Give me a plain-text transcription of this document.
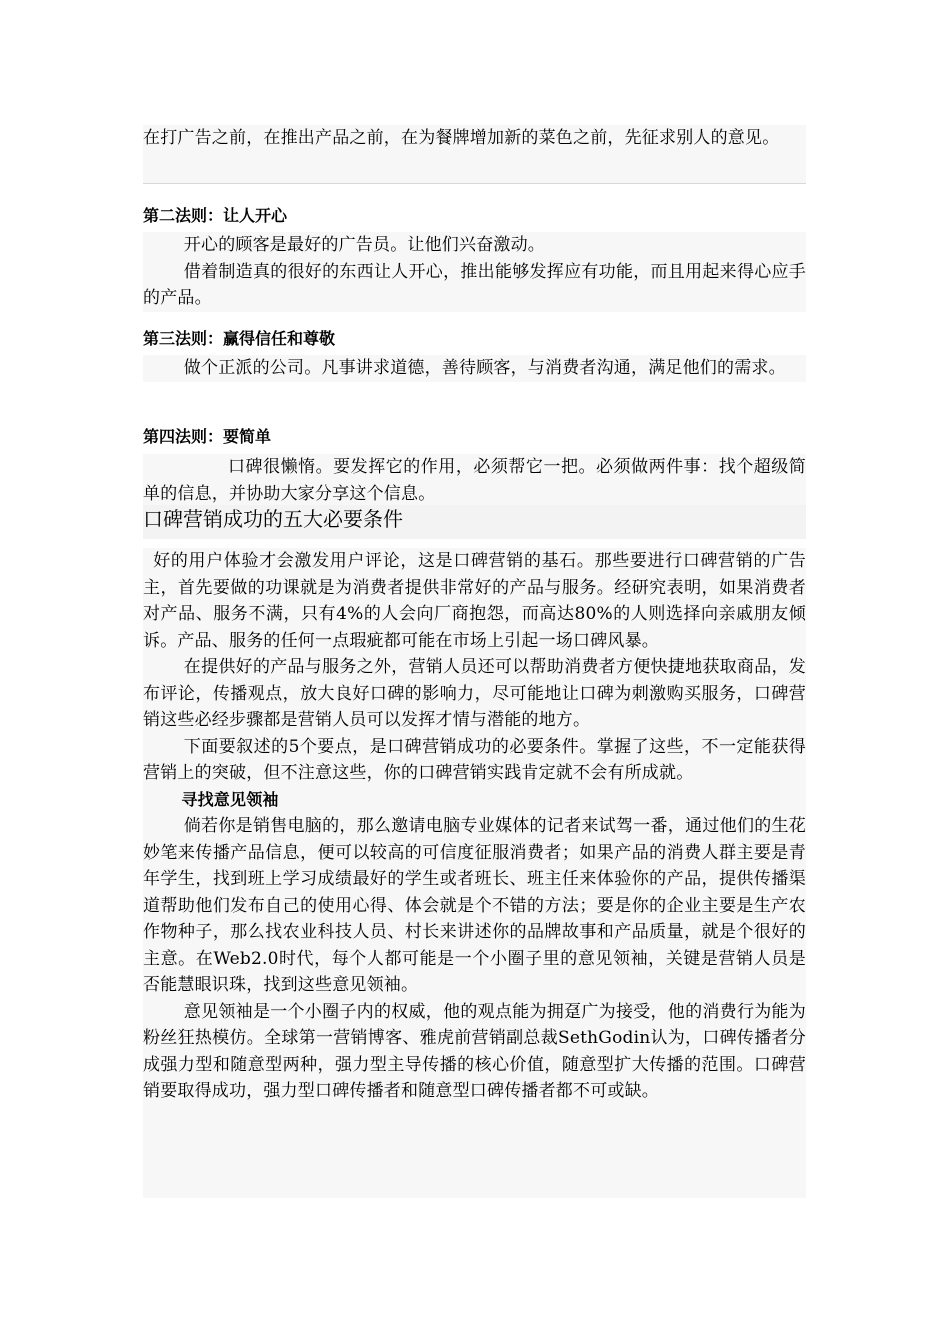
在打广告之前，在推出产品之前，在为餐牌增加新的菜色之前，先征求别人的意见。

第二法则：让人开心

开心的顾客是最好的广告员。让他们兴奋激动。

借着制造真的很好的东西让人开心，推出能够发挥应有功能，而且用起来得心应手的产品。

第三法则：赢得信任和尊敬

做个正派的公司。凡事讲求道德，善待顾客，与消费者沟通，满足他们的需求。

第四法则：要简单

口碑很懒惰。要发挥它的作用，必须帮它一把。必须做两件事：找个超级简单的信息，并协助大家分享这个信息。

口碑营销成功的五大必要条件

好的用户体验才会激发用户评论，这是口碑营销的基石。那些要进行口碑营销的广告主，首先要做的功课就是为消费者提供非常好的产品与服务。经研究表明，如果消费者对产品、服务不满，只有4%的人会向厂商抱怨，而高达80%的人则选择向亲戚朋友倾诉。产品、服务的任何一点瑕疵都可能在市场上引起一场口碑风暴。

在提供好的产品与服务之外，营销人员还可以帮助消费者方便快捷地获取商品，发布评论，传播观点，放大良好口碑的影响力，尽可能地让口碑为刺激购买服务，口碑营销这些必经步骤都是营销人员可以发挥才情与潜能的地方。

下面要叙述的5个要点，是口碑营销成功的必要条件。掌握了这些，不一定能获得营销上的突破，但不注意这些，你的口碑营销实践肯定就不会有所成就。

寻找意见领袖

倘若你是销售电脑的，那么邀请电脑专业媒体的记者来试驾一番，通过他们的生花妙笔来传播产品信息，便可以较高的可信度征服消费者；如果产品的消费人群主要是青年学生，找到班上学习成绩最好的学生或者班长、班主任来体验你的产品，提供传播渠道帮助他们发布自己的使用心得、体会就是个不错的方法；要是你的企业主要是生产农作物种子，那么找农业科技人员、村长来讲述你的品牌故事和产品质量，就是个很好的主意。在Web2.0时代，每个人都可能是一个小圈子里的意见领袖，关键是营销人员是否能慧眼识珠，找到这些意见领袖。

意见领袖是一个小圈子内的权威，他的观点能为拥趸广为接受，他的消费行为能为粉丝狂热模仿。全球第一营销博客、雅虎前营销副总裁SethGodin认为，口碑传播者分成强力型和随意型两种，强力型主导传播的核心价值，随意型扩大传播的范围。口碑营销要取得成功，强力型口碑传播者和随意型口碑传播者都不可或缺。
